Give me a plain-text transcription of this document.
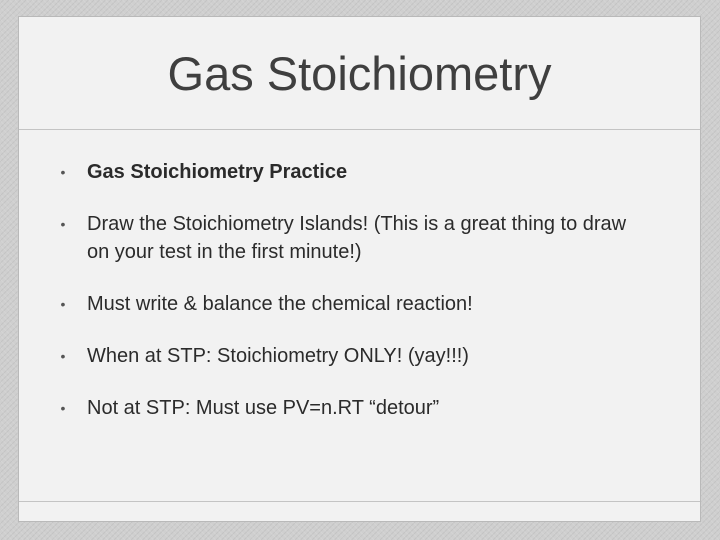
Gas Stoichiometry
• Gas Stoichiometry Practice
• Draw the Stoichiometry Islands! (This is a great thing to draw on your test in the first minute!)
• Must write & balance the chemical reaction!
• When at STP: Stoichiometry ONLY! (yay!!!)
• Not at STP: Must use PV=n.RT “detour”
